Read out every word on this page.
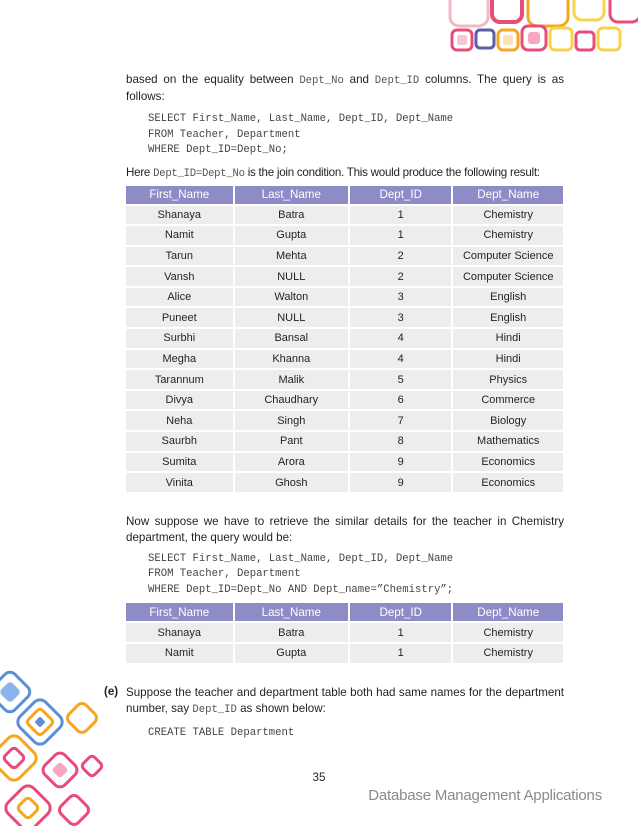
based on the equality between Dept_No and Dept_ID columns. The query is as follows:

SELECT First_Name, Last_Name, Dept_ID, Dept_Name
FROM Teacher, Department
WHERE Dept_ID=Dept_No;

Here Dept_ID=Dept_No is the join condition. This would produce the following result:

First_Name	Last_Name	Dept_ID	Dept_Name
Shanaya	Batra	1	Chemistry
Namit	Gupta	1	Chemistry
Tarun	Mehta	2	Computer Science
Vansh	NULL	2	Computer Science
Alice	Walton	3	English
Puneet	NULL	3	English
Surbhi	Bansal	4	Hindi
Megha	Khanna	4	Hindi
Tarannum	Malik	5	Physics
Divya	Chaudhary	6	Commerce
Neha	Singh	7	Biology
Saurbh	Pant	8	Mathematics
Sumita	Arora	9	Economics
Vinita	Ghosh	9	Economics

Now suppose we have to retrieve the similar details for the teacher in Chemistry department, the query would be:

SELECT First_Name, Last_Name, Dept_ID, Dept_Name
FROM Teacher, Department
WHERE Dept_ID=Dept_No AND Dept_name=”Chemistry”;
First_Name	Last_Name	Dept_ID	Dept_Name
Shanaya	Batra	1	Chemistry
Namit	Gupta	1	Chemistry
(e) Suppose the teacher and department table both had same names for the department number, say Dept_ID as shown below:

CREATE TABLE Department
35
Database Management Applications
